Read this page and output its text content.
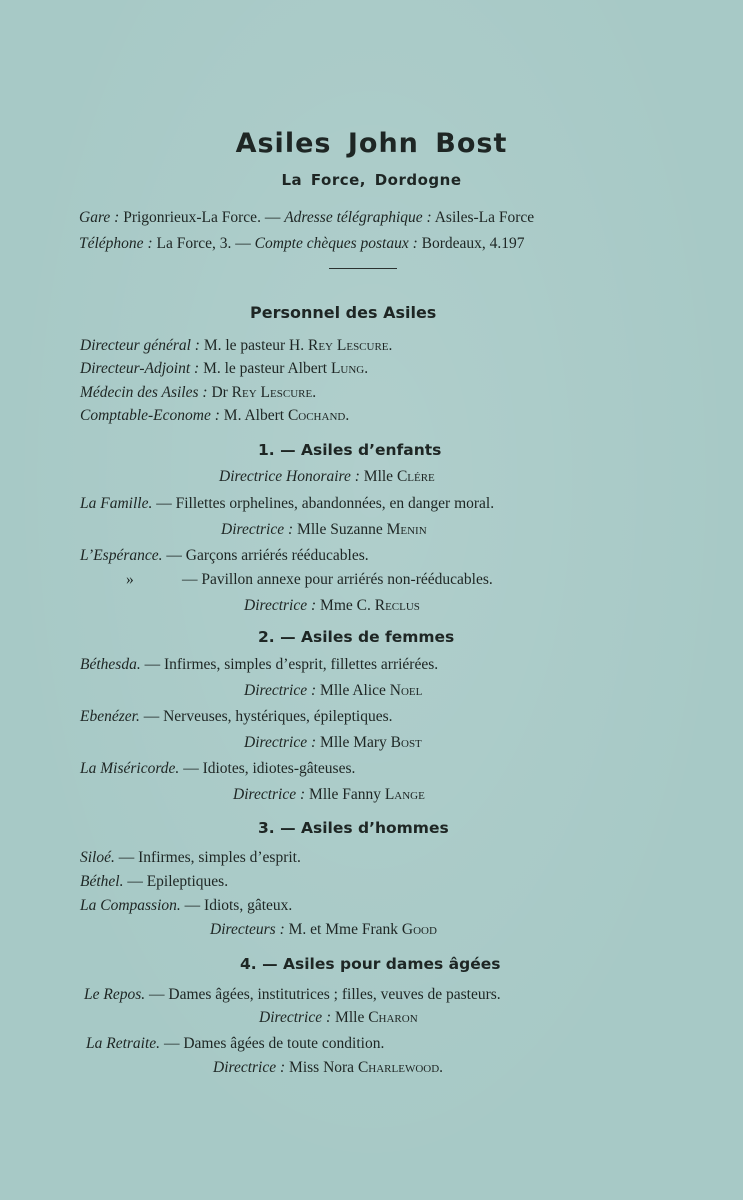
Asiles John Bost
La Force, Dordogne
Gare : Prigonrieux-La Force. — Adresse télégraphique : Asiles-La Force
Téléphone : La Force, 3. — Compte chèques postaux : Bordeaux, 4.197
Personnel des Asiles
Directeur général : M. le pasteur H. Rey Lescure.
Directeur-Adjoint : M. le pasteur Albert Lung.
Médecin des Asiles : Dr Rey Lescure.
Comptable-Econome : M. Albert Cochand.
1. — Asiles d’enfants
Directrice Honoraire : Mlle Clére
La Famille. — Fillettes orphelines, abandonnées, en danger moral.
Directrice : Mlle Suzanne Menin
L’Espérance. — Garçons arriérés rééducables.
»	— Pavillon annexe pour arriérés non-rééducables.
Directrice : Mme C. Reclus
2. — Asiles de femmes
Béthesda. — Infirmes, simples d’esprit, fillettes arriérées.
Directrice : Mlle Alice Noel
Ebenézer. — Nerveuses, hystériques, épileptiques.
Directrice : Mlle Mary Bost
La Miséricorde. — Idiotes, idiotes-gâteuses.
Directrice : Mlle Fanny Lange
3. — Asiles d’hommes
Siloé. — Infirmes, simples d’esprit.
Béthel. — Epileptiques.
La Compassion. — Idiots, gâteux.
Directeurs : M. et Mme Frank Good
4. — Asiles pour dames âgées
Le Repos. — Dames âgées, institutrices ; filles, veuves de pasteurs.
Directrice : Mlle Charon
La Retraite. — Dames âgées de toute condition.
Directrice : Miss Nora Charlewood.
